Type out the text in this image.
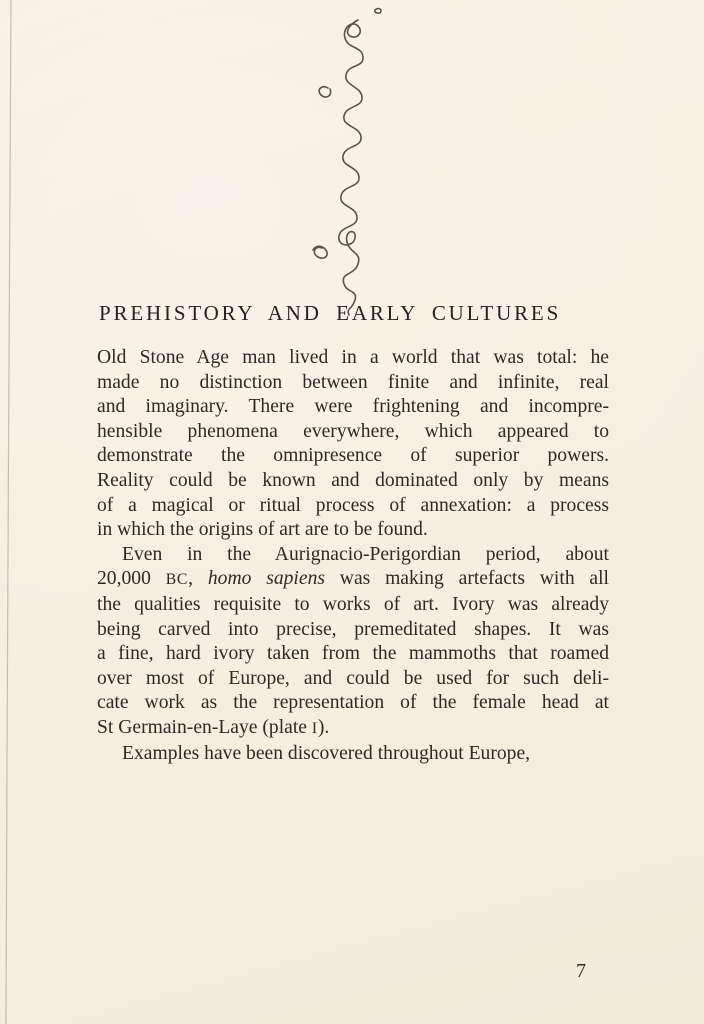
PREHISTORY AND EARLY CULTURES
Old Stone Age man lived in a world that was total: he
made no distinction between finite and infinite, real
and imaginary. There were frightening and incompre-
hensible phenomena everywhere, which appeared to
demonstrate the omnipresence of superior powers.
Reality could be known and dominated only by means
of a magical or ritual process of annexation: a process
in which the origins of art are to be found.
Even in the Aurignacio-Perigordian period, about
20,000 BC, homo sapiens was making artefacts with all
the qualities requisite to works of art. Ivory was already
being carved into precise, premeditated shapes. It was
a fine, hard ivory taken from the mammoths that roamed
over most of Europe, and could be used for such deli-
cate work as the representation of the female head at
St Germain-en-Laye (plate I).
Examples have been discovered throughout Europe,
7
